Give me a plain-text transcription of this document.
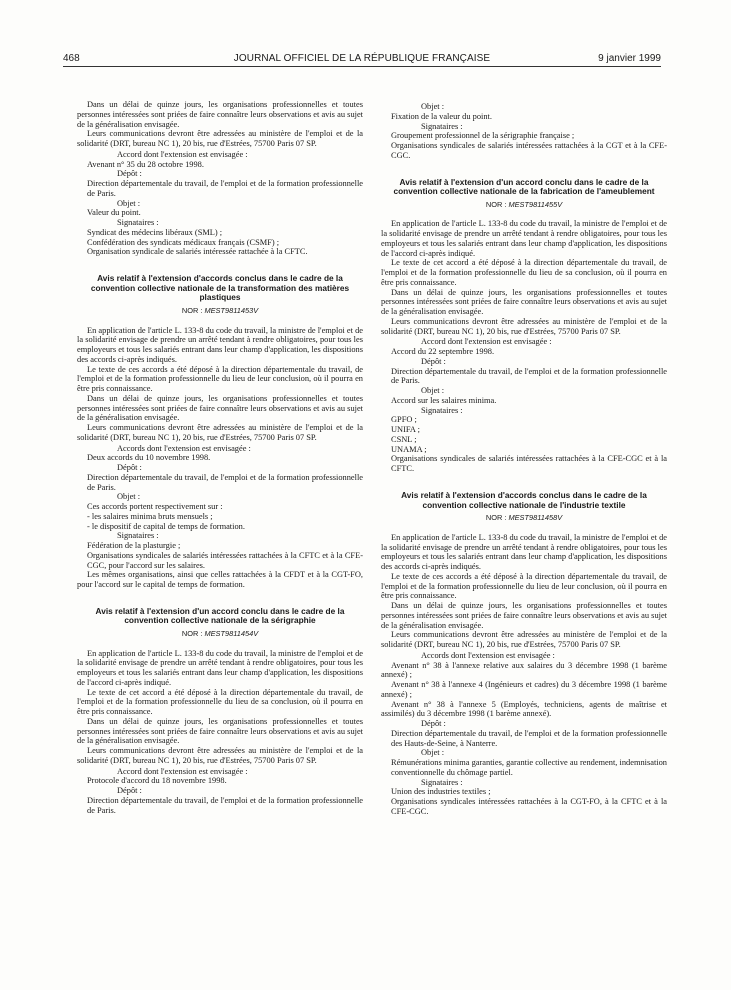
468	JOURNAL OFFICIEL DE LA RÉPUBLIQUE FRANÇAISE	9 janvier 1999

Dans un délai de quinze jours, les organisations professionnelles et toutes personnes intéressées sont priées de faire connaître leurs observations et avis au sujet de la généralisation envisagée.

Leurs communications devront être adressées au ministère de l'emploi et de la solidarité (DRT, bureau NC 1), 20 bis, rue d'Estrées, 75700 Paris 07 SP.

Accord dont l'extension est envisagée :

Avenant n° 35 du 28 octobre 1998.

Dépôt :

Direction départementale du travail, de l'emploi et de la formation professionnelle de Paris.

Objet :

Valeur du point.

Signataires :

Syndicat des médecins libéraux (SML) ;

Confédération des syndicats médicaux français (CSMF) ;

Organisation syndicale de salariés intéressée rattachée à la CFTC.

Avis relatif à l'extension d'accords conclus dans le cadre de la convention collective nationale de la transformation des matières plastiques
NOR : MEST9811453V

En application de l'article L. 133-8 du code du travail, la ministre de l'emploi et de la solidarité envisage de prendre un arrêté tendant à rendre obligatoires, pour tous les employeurs et tous les salariés entrant dans leur champ d'application, les dispositions des accords ci-après indiqués.

Le texte de ces accords a été déposé à la direction départementale du travail, de l'emploi et de la formation professionnelle du lieu de leur conclusion, où il pourra en être pris connaissance.

Dans un délai de quinze jours, les organisations professionnelles et toutes personnes intéressées sont priées de faire connaître leurs observations et avis au sujet de la généralisation envisagée.

Leurs communications devront être adressées au ministère de l'emploi et de la solidarité (DRT, bureau NC 1), 20 bis, rue d'Estrées, 75700 Paris 07 SP.

Accords dont l'extension est envisagée :

Deux accords du 10 novembre 1998.

Dépôt :

Direction départementale du travail, de l'emploi et de la formation professionnelle de Paris.

Objet :

Ces accords portent respectivement sur :

- les salaires minima bruts mensuels ;

- le dispositif de capital de temps de formation.

Signataires :

Fédération de la plasturgie ;

Organisations syndicales de salariés intéressées rattachées à la CFTC et à la CFE-CGC, pour l'accord sur les salaires.

Les mêmes organisations, ainsi que celles rattachées à la CFDT et à la CGT-FO, pour l'accord sur le capital de temps de formation.

Avis relatif à l'extension d'un accord conclu dans le cadre de la convention collective nationale de la sérigraphie
NOR : MEST9811454V

En application de l'article L. 133-8 du code du travail, la ministre de l'emploi et de la solidarité envisage de prendre un arrêté tendant à rendre obligatoires, pour tous les employeurs et tous les salariés entrant dans leur champ d'application, les dispositions de l'accord ci-après indiqué.

Le texte de cet accord a été déposé à la direction départementale du travail, de l'emploi et de la formation professionnelle du lieu de sa conclusion, où il pourra en être pris connaissance.

Dans un délai de quinze jours, les organisations professionnelles et toutes personnes intéressées sont priées de faire connaître leurs observations et avis au sujet de la généralisation envisagée.

Leurs communications devront être adressées au ministère de l'emploi et de la solidarité (DRT, bureau NC 1), 20 bis, rue d'Estrées, 75700 Paris 07 SP.

Accord dont l'extension est envisagée :

Protocole d'accord du 18 novembre 1998.

Dépôt :

Direction départementale du travail, de l'emploi et de la formation professionnelle de Paris.

Objet :

Fixation de la valeur du point.

Signataires :

Groupement professionnel de la sérigraphie française ;

Organisations syndicales de salariés intéressées rattachées à la CGT et à la CFE-CGC.

Avis relatif à l'extension d'un accord conclu dans le cadre de la convention collective nationale de la fabrication de l'ameublement
NOR : MEST9811455V

En application de l'article L. 133-8 du code du travail, la ministre de l'emploi et de la solidarité envisage de prendre un arrêté tendant à rendre obligatoires, pour tous les employeurs et tous les salariés entrant dans leur champ d'application, les dispositions de l'accord ci-après indiqué.

Le texte de cet accord a été déposé à la direction départementale du travail, de l'emploi et de la formation professionnelle du lieu de sa conclusion, où il pourra en être pris connaissance.

Dans un délai de quinze jours, les organisations professionnelles et toutes personnes intéressées sont priées de faire connaître leurs observations et avis au sujet de la généralisation envisagée.

Leurs communications devront être adressées au ministère de l'emploi et de la solidarité (DRT, bureau NC 1), 20 bis, rue d'Estrées, 75700 Paris 07 SP.

Accord dont l'extension est envisagée :

Accord du 22 septembre 1998.

Dépôt :

Direction départementale du travail, de l'emploi et de la formation professionnelle de Paris.

Objet :

Accord sur les salaires minima.

Signataires :

GPFO ;

UNIFA ;

CSNL ;

UNAMA ;

Organisations syndicales de salariés intéressées rattachées à la CFE-CGC et à la CFTC.

Avis relatif à l'extension d'accords conclus dans le cadre de la convention collective nationale de l'industrie textile
NOR : MEST9811458V

En application de l'article L. 133-8 du code du travail, la ministre de l'emploi et de la solidarité envisage de prendre un arrêté tendant à rendre obligatoires, pour tous les employeurs et tous les salariés entrant dans leur champ d'application, les dispositions des accords ci-après indiqués.

Le texte de ces accords a été déposé à la direction départementale du travail, de l'emploi et de la formation professionnelle du lieu de leur conclusion, où il pourra en être pris connaissance.

Dans un délai de quinze jours, les organisations professionnelles et toutes personnes intéressées sont priées de faire connaître leurs observations et avis au sujet de la généralisation envisagée.

Leurs communications devront être adressées au ministère de l'emploi et de la solidarité (DRT, bureau NC 1), 20 bis, rue d'Estrées, 75700 Paris 07 SP.

Accords dont l'extension est envisagée :

Avenant n° 38 à l'annexe relative aux salaires du 3 décembre 1998 (1 barème annexé) ;

Avenant n° 38 à l'annexe 4 (Ingénieurs et cadres) du 3 décembre 1998 (1 barème annexé) ;

Avenant n° 38 à l'annexe 5 (Employés, techniciens, agents de maîtrise et assimilés) du 3 décembre 1998 (1 barème annexé).

Dépôt :

Direction départementale du travail, de l'emploi et de la formation professionnelle des Hauts-de-Seine, à Nanterre.

Objet :

Rémunérations minima garanties, garantie collective au rendement, indemnisation conventionnelle du chômage partiel.

Signataires :

Union des industries textiles ;

Organisations syndicales intéressées rattachées à la CGT-FO, à la CFTC et à la CFE-CGC.
